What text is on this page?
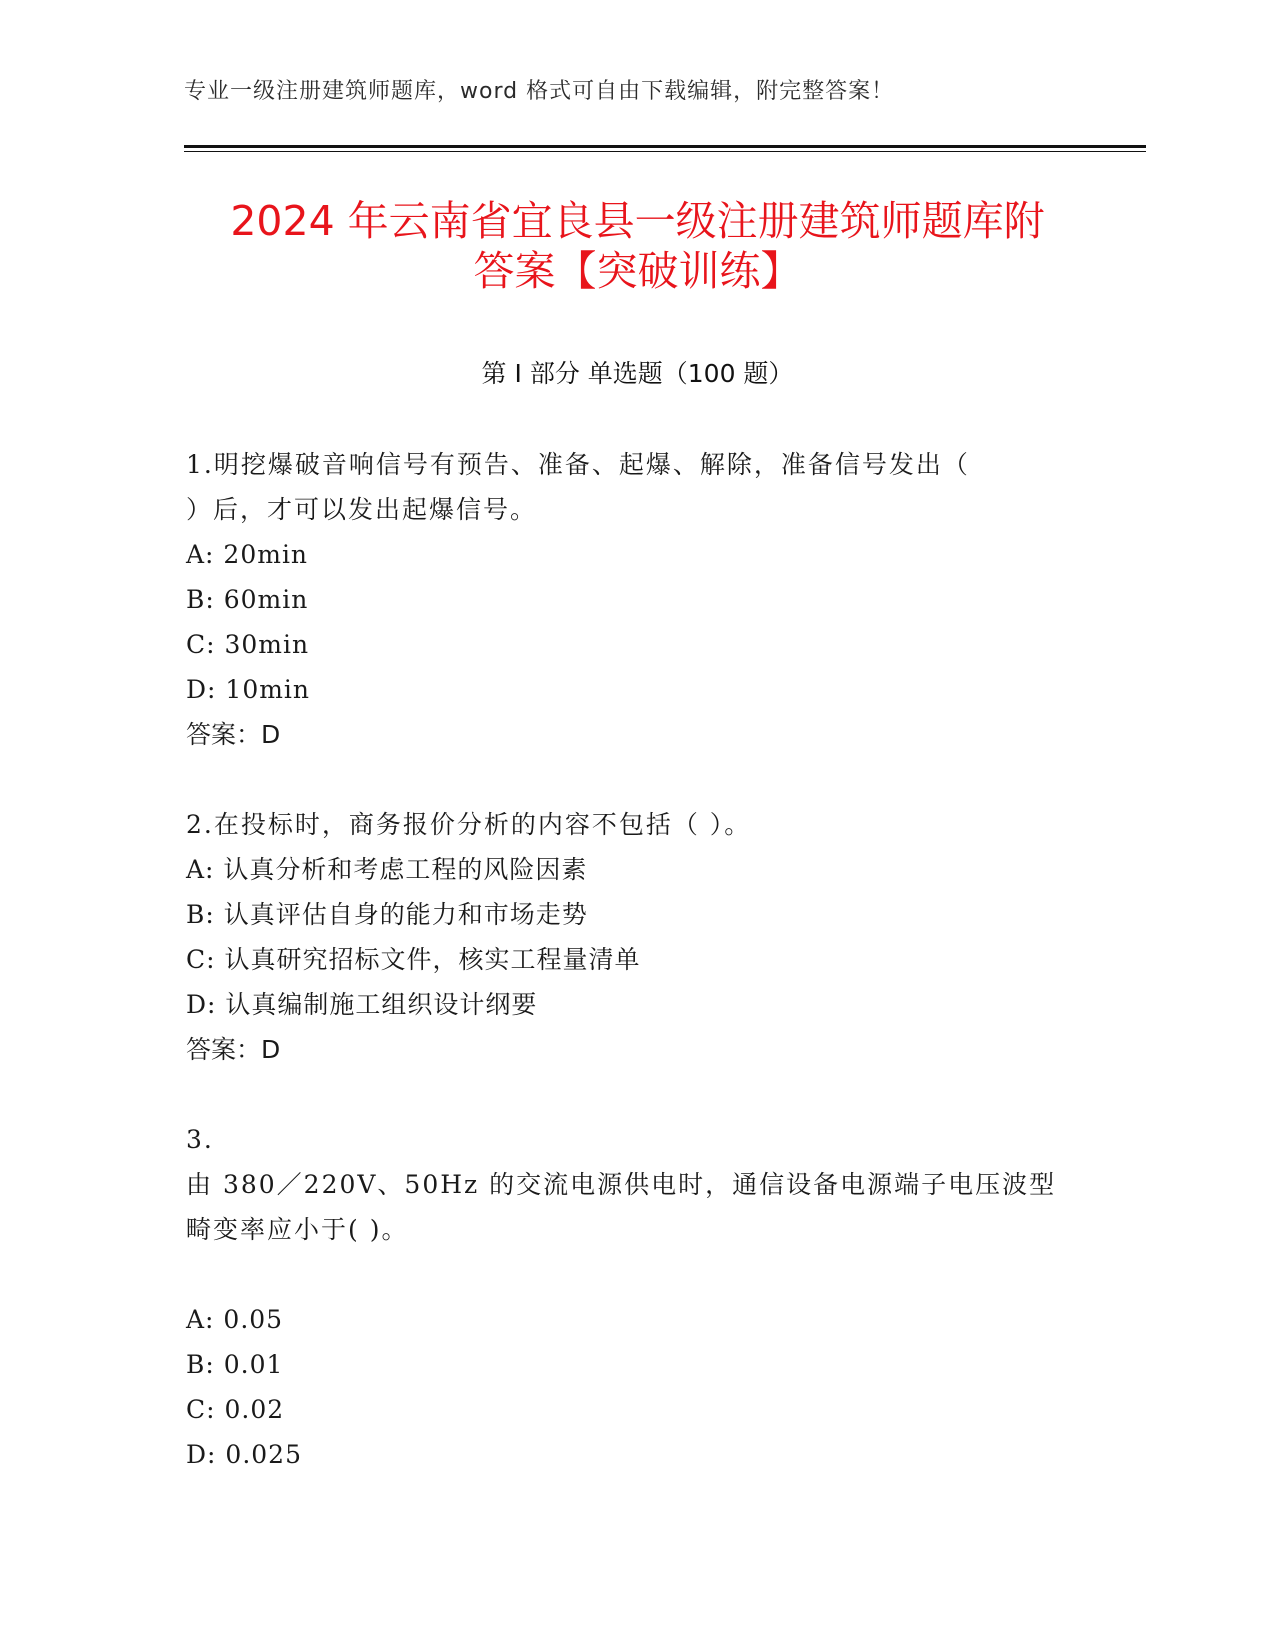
专业一级注册建筑师题库，word 格式可自由下载编辑，附完整答案！
2024 年云南省宜良县一级注册建筑师题库附
答案【突破训练】
第 I 部分 单选题（100 题）
1.明挖爆破音响信号有预告、准备、起爆、解除，准备信号发出（
）后，才可以发出起爆信号。
A: 20min
B: 60min
C: 30min
D: 10min
答案：D
2.在投标时，商务报价分析的内容不包括（ ）。
A: 认真分析和考虑工程的风险因素
B: 认真评估自身的能力和市场走势
C: 认真研究招标文件，核实工程量清单
D: 认真编制施工组织设计纲要
答案：D
3.
由 380／220V、50Hz 的交流电源供电时，通信设备电源端子电压波型
畸变率应小于( )。
A: 0.05
B: 0.01
C: 0.02
D: 0.025
